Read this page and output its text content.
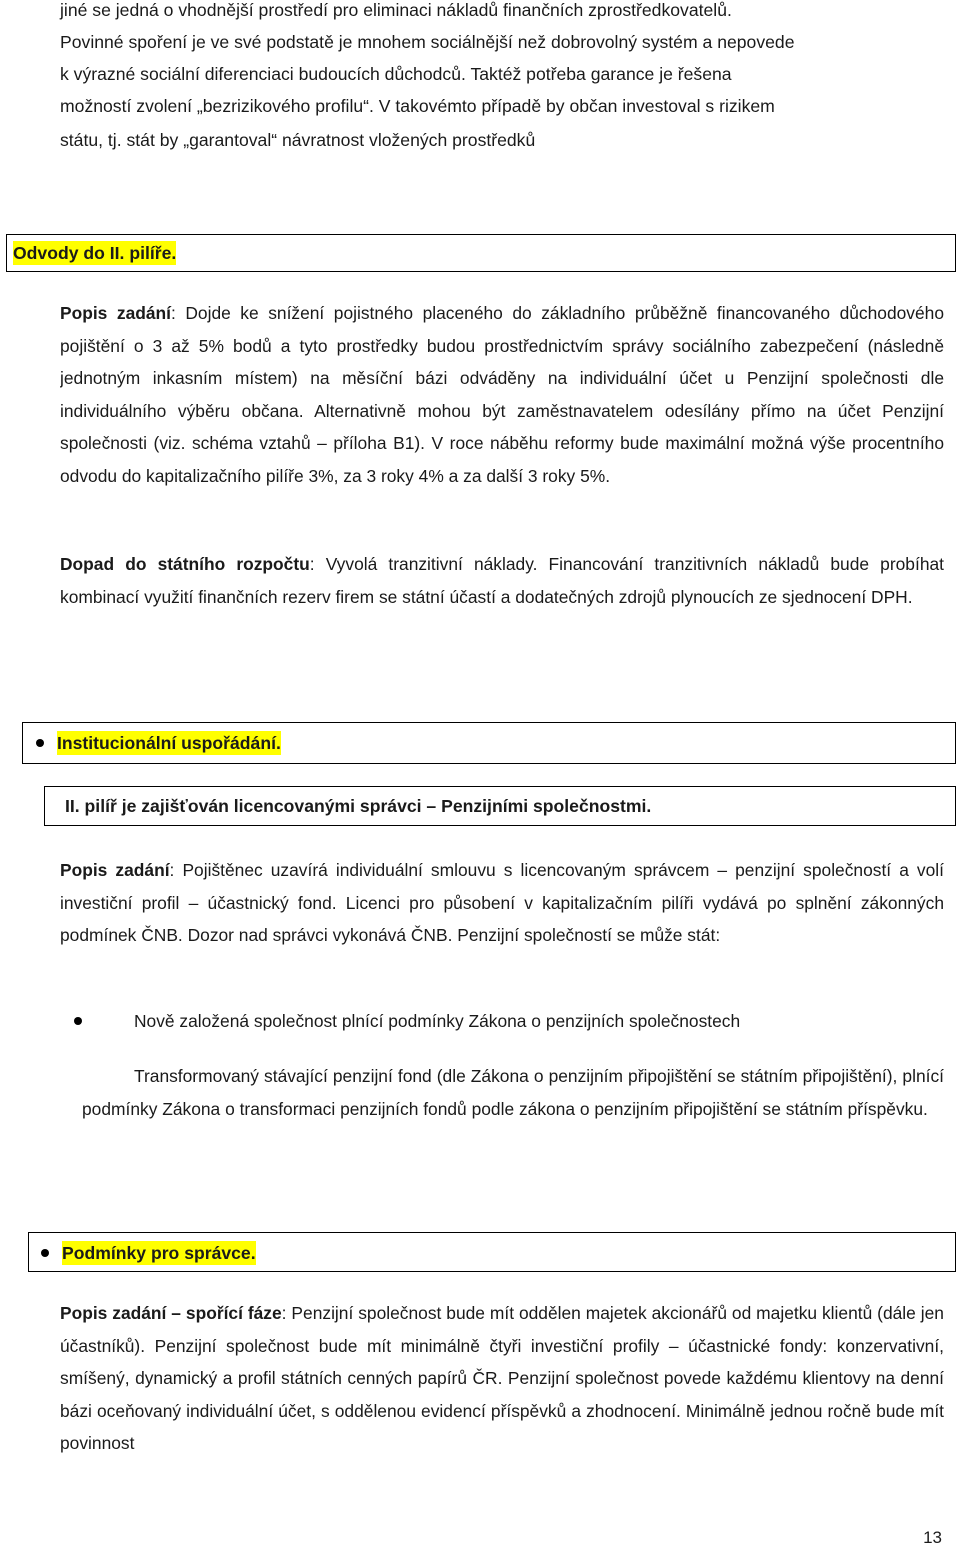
jiné se jedná o vhodnější prostředí pro eliminaci nákladů finančních zprostředkovatelů.

Povinné spoření je ve své podstatě je mnohem sociálnější než dobrovolný systém a nepovede

k výrazné sociální diferenciaci budoucích důchodců. Taktéž potřeba garance je řešena

možností zvolení „bezrizikového profilu“. V takovémto případě by občan investoval s rizikem

státu, tj. stát by „garantoval“ návratnost vložených prostředků

Odvody do II. pilíře.

Popis zadání: Dojde ke snížení pojistného placeného do základního průběžně financovaného důchodového pojištění o 3 až 5% bodů a tyto prostředky budou prostřednictvím správy sociálního zabezpečení (následně jednotným inkasním místem) na měsíční bázi odváděny na individuální účet u Penzijní společnosti dle individuálního výběru občana. Alternativně mohou být zaměstnavatelem odesílány přímo na účet Penzijní společnosti (viz. schéma vztahů – příloha B1). V roce náběhu reformy bude maximální možná výše procentního odvodu do kapitalizačního pilíře 3%, za 3 roky 4% a za další 3 roky 5%.

Dopad do státního rozpočtu: Vyvolá tranzitivní náklady. Financování tranzitivních nákladů bude probíhat kombinací využití finančních rezerv firem se státní účastí a dodatečných zdrojů plynoucích ze sjednocení DPH.

Institucionální uspořádání.
II. pilíř je zajišťován licencovanými správci – Penzijními společnostmi.

Popis zadání: Pojištěnec uzavírá individuální smlouvu s licencovaným správcem – penzijní společností a volí investiční profil – účastnický fond. Licenci pro působení v kapitalizačním pilíři vydává po splnění zákonných podmínek ČNB. Dozor nad správci vykonává ČNB. Penzijní společností se může stát:

Nově založená společnost plnící podmínky Zákona o penzijních společnostech
Transformovaný stávající penzijní fond (dle Zákona o penzijním připojištění se státním připojištění), plnící podmínky Zákona o transformaci penzijních fondů podle zákona o penzijním připojištění se státním příspěvku.
Podmínky pro správce.

Popis zadání – spořící fáze: Penzijní společnost bude mít oddělen majetek akcionářů od majetku klientů (dále jen účastníků). Penzijní společnost bude mít minimálně čtyři investiční profily – účastnické fondy: konzervativní, smíšený, dynamický a profil státních cenných papírů ČR. Penzijní společnost povede každému klientovy na denní bázi oceňovaný individuální účet, s oddělenou evidencí příspěvků a zhodnocení. Minimálně jednou ročně bude mít povinnost

13
